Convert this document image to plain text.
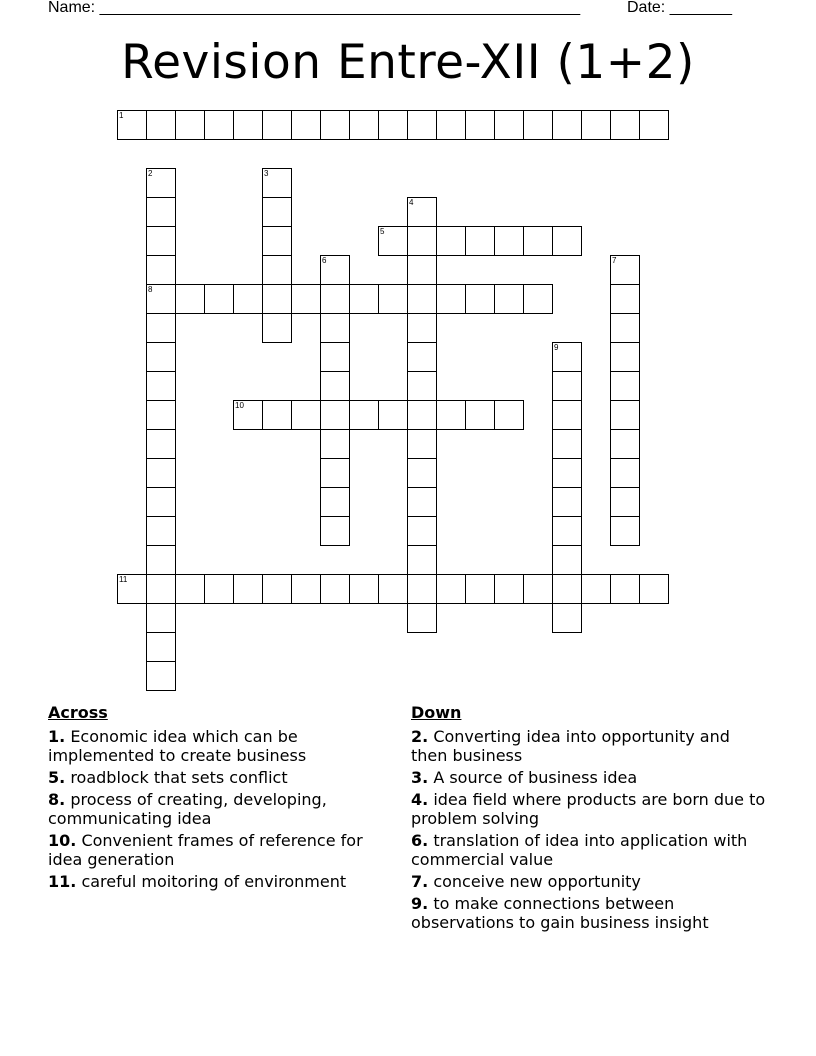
Name: ______________________________________________________	Date: _______
Revision Entre-XII (1+2)
1
2
8
3
4
5
6	7
9
10
11
Across
1. Economic idea which can be implemented to create business
5. roadblock that sets conflict
8. process of creating, developing, communicating idea
10. Convenient frames of reference for idea generation
11. careful moitoring of environment
Down
2. Converting idea into opportunity and then business
3. A source of business idea
4. idea field where products are born due to problem solving
6. translation of idea into application with commercial value
7. conceive new opportunity
9. to make connections between observations to gain business insight
